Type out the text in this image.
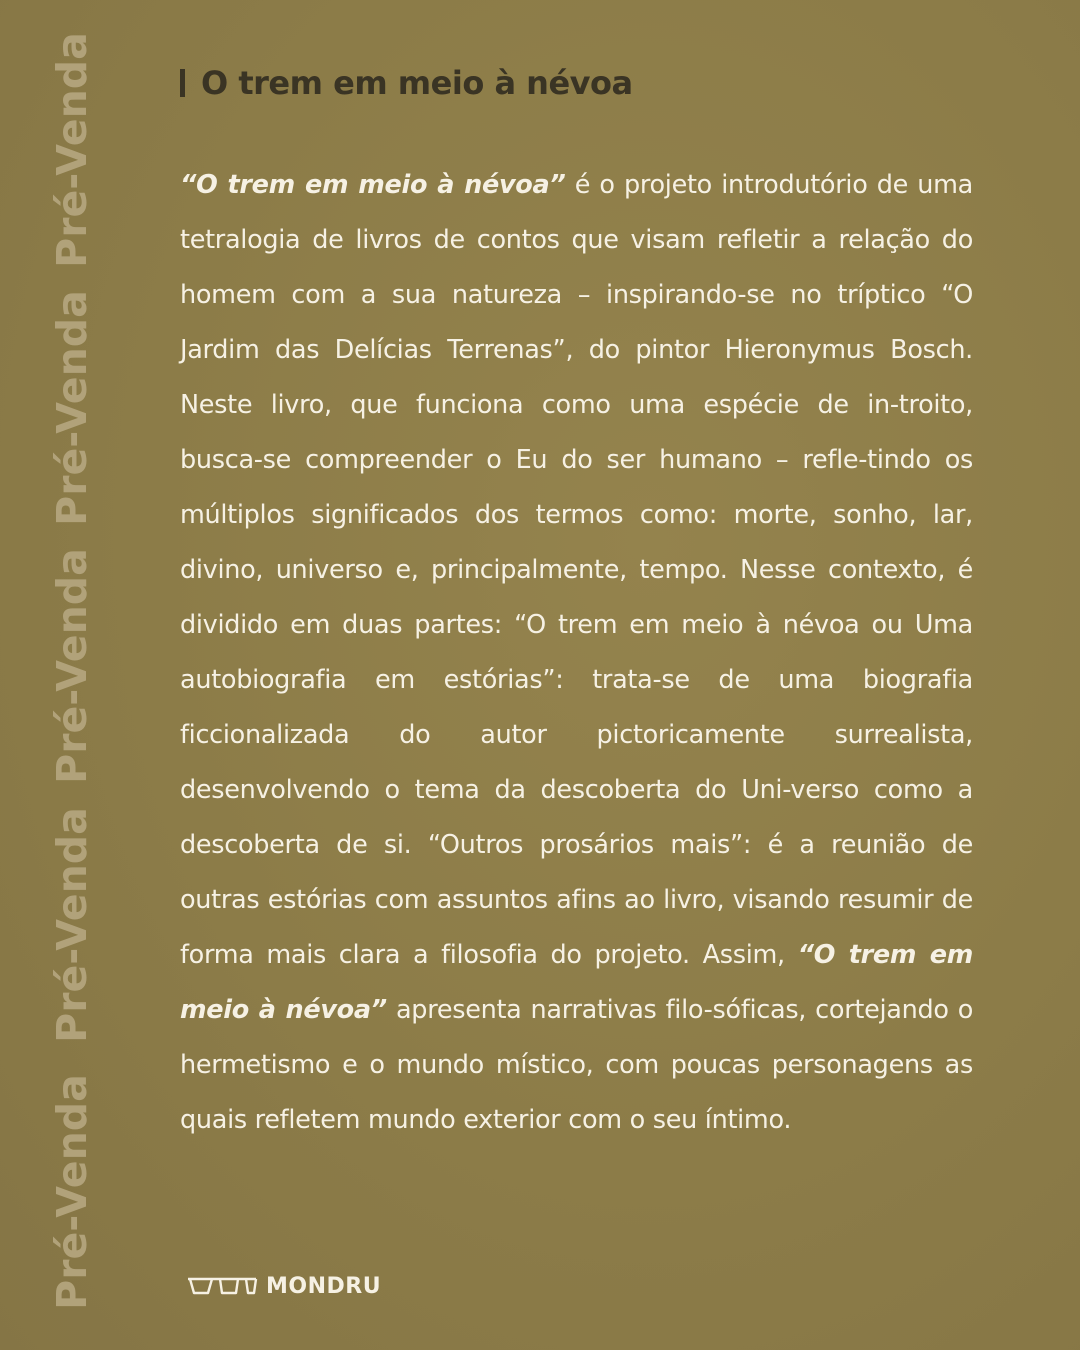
Pré-Venda
Pré-Venda
Pré-Venda
Pré-Venda
Pré-Venda
O trem em meio à névoa
“O trem em meio à névoa” é o projeto introdutório de uma tetralogia de livros de contos que visam refletir a relação do homem com a sua natureza – inspirando-se no tríptico “O Jardim das Delícias Terrenas”, do pintor Hieronymus Bosch. Neste livro, que funciona como uma espécie de in-troito, busca-se compreender o Eu do ser humano – refle-tindo os múltiplos significados dos termos como: morte, sonho, lar, divino, universo e, principalmente, tempo. Nesse contexto, é dividido em duas partes: “O trem em meio à névoa ou Uma autobiografia em estórias”: trata-se de uma biografia ficcionalizada do autor pictoricamente surrealista, desenvolvendo o tema da descoberta do Uni-verso como a descoberta de si. “Outros prosários mais”: é a reunião de outras estórias com assuntos afins ao livro, visando resumir de forma mais clara a filosofia do projeto. Assim, “O trem em meio à névoa” apresenta narrativas filo-sóficas, cortejando o hermetismo e o mundo místico, com poucas personagens as quais refletem mundo exterior com o seu íntimo.
MONDRU
